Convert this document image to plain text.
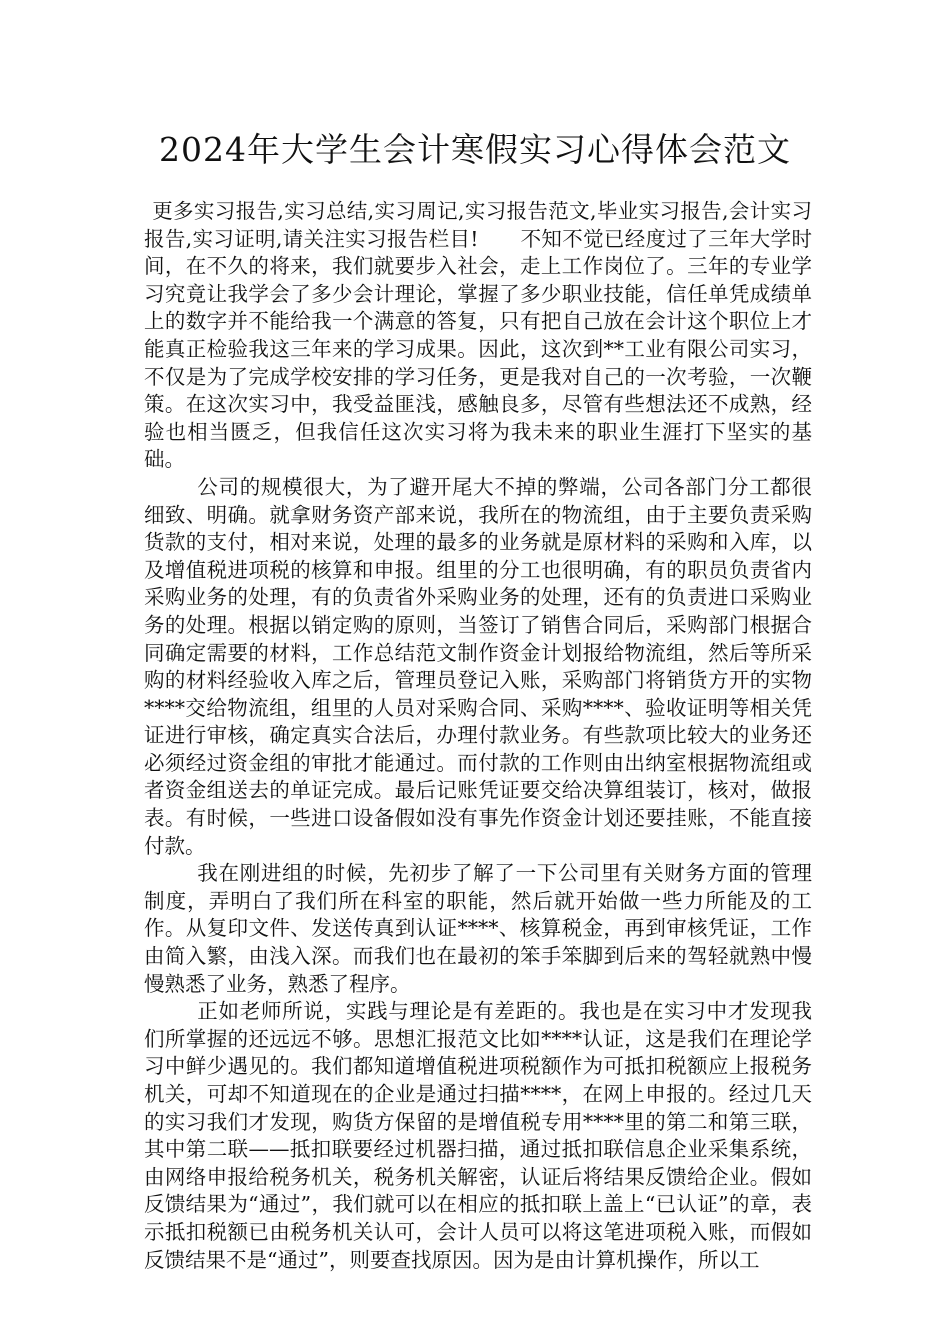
2024年大学生会计寒假实习心得体会范文

更多实习报告,实习总结,实习周记,实习报告范文,毕业实习报告,会计实习报告,实习证明,请关注实习报告栏目!　　不知不觉已经度过了三年大学时间，在不久的将来，我们就要步入社会，走上工作岗位了。三年的专业学习究竟让我学会了多少会计理论，掌握了多少职业技能，信任单凭成绩单上的数字并不能给我一个满意的答复，只有把自己放在会计这个职位上才能真正检验我这三年来的学习成果。因此，这次到**工业有限公司实习，不仅是为了完成学校安排的学习任务，更是我对自己的一次考验，一次鞭策。在这次实习中，我受益匪浅，感触良多，尽管有些想法还不成熟，经验也相当匮乏，但我信任这次实习将为我未来的职业生涯打下坚实的基础。

公司的规模很大，为了避开尾大不掉的弊端，公司各部门分工都很细致、明确。就拿财务资产部来说，我所在的物流组，由于主要负责采购货款的支付，相对来说，处理的最多的业务就是原材料的采购和入库，以及增值税进项税的核算和申报。组里的分工也很明确，有的职员负责省内采购业务的处理，有的负责省外采购业务的处理，还有的负责进口采购业务的处理。根据以销定购的原则，当签订了销售合同后，采购部门根据合同确定需要的材料，工作总结范文制作资金计划报给物流组，然后等所采购的材料经验收入库之后，管理员登记入账，采购部门将销货方开的实物****交给物流组，组里的人员对采购合同、采购****、验收证明等相关凭证进行审核，确定真实合法后，办理付款业务。有些款项比较大的业务还必须经过资金组的审批才能通过。而付款的工作则由出纳室根据物流组或者资金组送去的单证完成。最后记账凭证要交给决算组装订，核对，做报表。有时候，一些进口设备假如没有事先作资金计划还要挂账，不能直接付款。

我在刚进组的时候，先初步了解了一下公司里有关财务方面的管理制度，弄明白了我们所在科室的职能，然后就开始做一些力所能及的工作。从复印文件、发送传真到认证****、核算税金，再到审核凭证，工作由简入繁，由浅入深。而我们也在最初的笨手笨脚到后来的驾轻就熟中慢慢熟悉了业务，熟悉了程序。

正如老师所说，实践与理论是有差距的。我也是在实习中才发现我们所掌握的还远远不够。思想汇报范文比如****认证，这是我们在理论学习中鲜少遇见的。我们都知道增值税进项税额作为可抵扣税额应上报税务机关，可却不知道现在的企业是通过扫描****，在网上申报的。经过几天的实习我们才发现，购货方保留的是增值税专用****里的第二和第三联，其中第二联——抵扣联要经过机器扫描，通过抵扣联信息企业采集系统，由网络申报给税务机关，税务机关解密，认证后将结果反馈给企业。假如反馈结果为“通过”，我们就可以在相应的抵扣联上盖上“已认证”的章，表示抵扣税额已由税务机关认可，会计人员可以将这笔进项税入账，而假如反馈结果不是“通过”，则要查找原因。因为是由计算机操作，所以工
